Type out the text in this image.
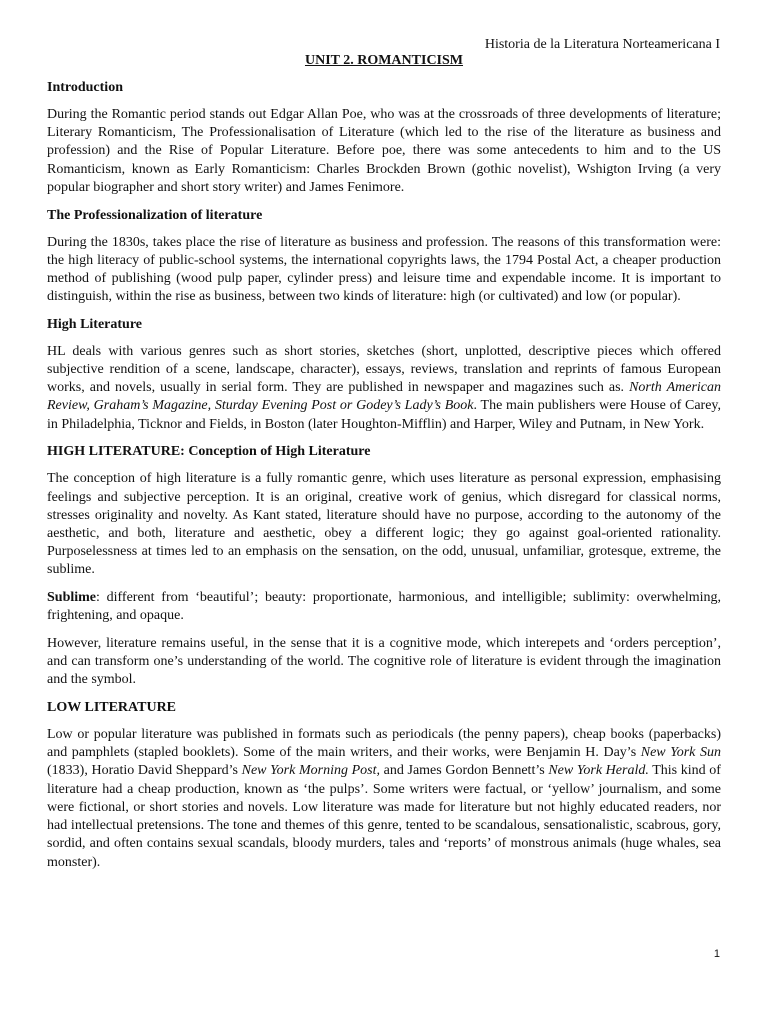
Historia de la Literatura Norteamericana I
UNIT 2. ROMANTICISM
Introduction

During the Romantic period stands out Edgar Allan Poe, who was at the crossroads of three developments of literature; Literary Romanticism, The Professionalisation of Literature (which led to the rise of the literature as business and profession) and the Rise of Popular Literature. Before poe, there was some antecedents to him and to the US Romanticism, known as Early Romanticism: Charles Brockden Brown (gothic novelist), Wshigton Irving (a very popular biographer and short story writer) and James Fenimore.

The Professionalization of literature

During the 1830s, takes place the rise of literature as business and profession. The reasons of this transformation were: the high literacy of public-school systems, the international copyrights laws, the 1794 Postal Act, a cheaper production method of publishing (wood pulp paper, cylinder press) and leisure time and expendable income. It is important to distinguish, within the rise as business, between two kinds of literature: high (or cultivated) and low (or popular).

High Literature

HL deals with various genres such as short stories, sketches (short, unplotted, descriptive pieces which offered subjective rendition of a scene, landscape, character), essays, reviews, translation and reprints of famous European works, and novels, usually in serial form. They are published in newspaper and magazines such as. North American Review, Graham’s Magazine, Sturday Evening Post or Godey’s Lady’s Book. The main publishers were House of Carey, in Philadelphia, Ticknor and Fields, in Boston (later Houghton-Mifflin) and Harper, Wiley and Putnam, in New York.

HIGH LITERATURE: Conception of High Literature

The conception of high literature is a fully romantic genre, which uses literature as personal expression, emphasising feelings and subjective perception. It is an original, creative work of genius, which disregard for classical norms, stresses originality and novelty. As Kant stated, literature should have no purpose, according to the autonomy of the aesthetic, and both, literature and aesthetic, obey a different logic; they go against goal-oriented rationality. Purposelessness at times led to an emphasis on the sensation, on the odd, unusual, unfamiliar, grotesque, extreme, the sublime.

Sublime: different from ‘beautiful’; beauty: proportionate, harmonious, and intelligible; sublimity: overwhelming, frightening, and opaque.

However, literature remains useful, in the sense that it is a cognitive mode, which interepets and ‘orders perception’, and can transform one’s understanding of the world. The cognitive role of literature is evident through the imagination and the symbol.

LOW LITERATURE

Low or popular literature was published in formats such as periodicals (the penny papers), cheap books (paperbacks) and pamphlets (stapled booklets). Some of the main writers, and their works, were Benjamin H. Day’s New York Sun (1833), Horatio David Sheppard’s New York Morning Post, and James Gordon Bennett’s New York Herald. This kind of literature had a cheap production, known as ‘the pulps’. Some writers were factual, or ‘yellow’ journalism, and some were fictional, or short stories and novels. Low literature was made for literature but not highly educated readers, nor had intellectual pretensions. The tone and themes of this genre, tented to be scandalous, sensationalistic, scabrous, gory, sordid, and often contains sexual scandals, bloody murders, tales and ‘reports’ of monstrous animals (huge whales, sea monster).

1
